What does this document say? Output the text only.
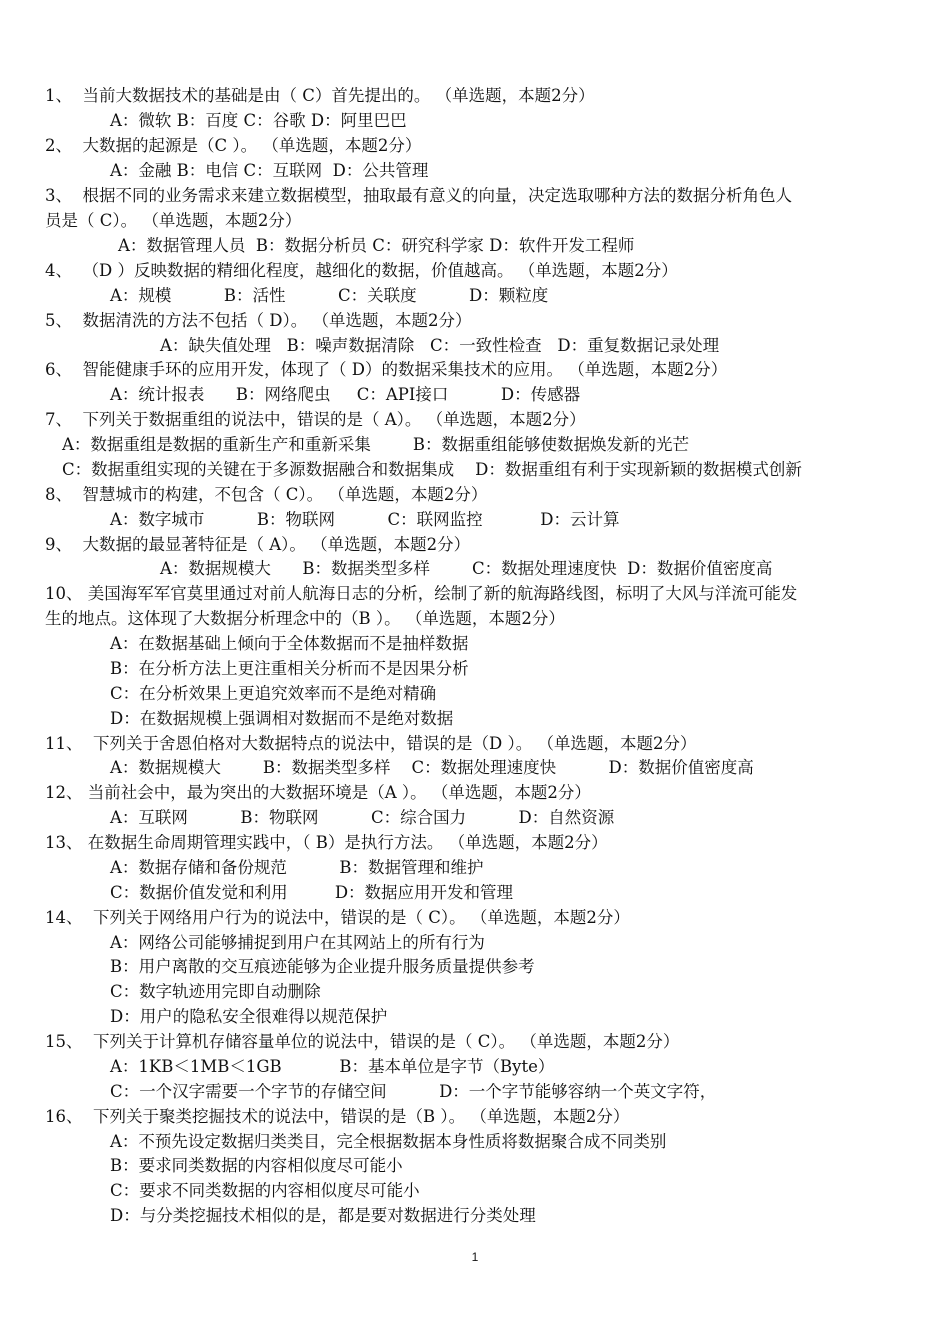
1
1、  当前大数据技术的基础是由（ C）首先提出的。 （单选题，本题2分）
A：微软 B：百度 C：谷歌 D：阿里巴巴
2、  大数据的起源是（C ）。 （单选题，本题2分）
A：金融 B：电信 C：互联网  D：公共管理
3、  根据不同的业务需求来建立数据模型，抽取最有意义的向量，决定选取哪种方法的数据分析角色人
员是（ C）。 （单选题，本题2分）
A：数据管理人员  B：数据分析员 C：研究科学家 D：软件开发工程师
4、  （D ）反映数据的精细化程度，越细化的数据，价值越高。 （单选题，本题2分）
A：规模          B：活性          C：关联度          D：颗粒度
5、  数据清洗的方法不包括（ D）。 （单选题，本题2分）
A：缺失值处理   B：噪声数据清除   C：一致性检查   D：重复数据记录处理
6、  智能健康手环的应用开发，体现了（ D）的数据采集技术的应用。 （单选题，本题2分）
A：统计报表      B：网络爬虫     C：API接口          D：传感器
7、  下列关于数据重组的说法中，错误的是（ A）。 （单选题，本题2分）
A：数据重组是数据的重新生产和重新采集        B：数据重组能够使数据焕发新的光芒
C：数据重组实现的关键在于多源数据融合和数据集成    D：数据重组有利于实现新颖的数据模式创新
8、  智慧城市的构建，不包含（ C）。 （单选题，本题2分）
A：数字城市          B：物联网          C：联网监控           D：云计算
9、  大数据的最显著特征是（ A）。 （单选题，本题2分）
A：数据规模大      B：数据类型多样        C：数据处理速度快  D：数据价值密度高
10、 美国海军军官莫里通过对前人航海日志的分析，绘制了新的航海路线图，标明了大风与洋流可能发
生的地点。这体现了大数据分析理念中的（B ）。 （单选题，本题2分）
A：在数据基础上倾向于全体数据而不是抽样数据
B：在分析方法上更注重相关分析而不是因果分析
C：在分析效果上更追究效率而不是绝对精确
D：在数据规模上强调相对数据而不是绝对数据
11、  下列关于舍恩伯格对大数据特点的说法中，错误的是（D ）。 （单选题，本题2分）
A：数据规模大        B：数据类型多样    C：数据处理速度快          D：数据价值密度高
12、 当前社会中，最为突出的大数据环境是（A ）。 （单选题，本题2分）
A：互联网          B：物联网          C：综合国力          D：自然资源
13、 在数据生命周期管理实践中，（ B）是执行方法。 （单选题，本题2分）
A：数据存储和备份规范          B：数据管理和维护
C：数据价值发觉和利用         D：数据应用开发和管理
14、  下列关于网络用户行为的说法中，错误的是（ C）。 （单选题，本题2分）
A：网络公司能够捕捉到用户在其网站上的所有行为
B：用户离散的交互痕迹能够为企业提升服务质量提供参考
C：数字轨迹用完即自动删除
D：用户的隐私安全很难得以规范保护
15、  下列关于计算机存储容量单位的说法中，错误的是（ C）。 （单选题，本题2分）
A：1KB＜1MB＜1GB           B：基本单位是字节（Byte）
C：一个汉字需要一个字节的存储空间          D：一个字节能够容纳一个英文字符，
16、  下列关于聚类挖掘技术的说法中，错误的是（B ）。 （单选题，本题2分）
A：不预先设定数据归类类目，完全根据数据本身性质将数据聚合成不同类别
B：要求同类数据的内容相似度尽可能小
C：要求不同类数据的内容相似度尽可能小
D：与分类挖掘技术相似的是，都是要对数据进行分类处理
